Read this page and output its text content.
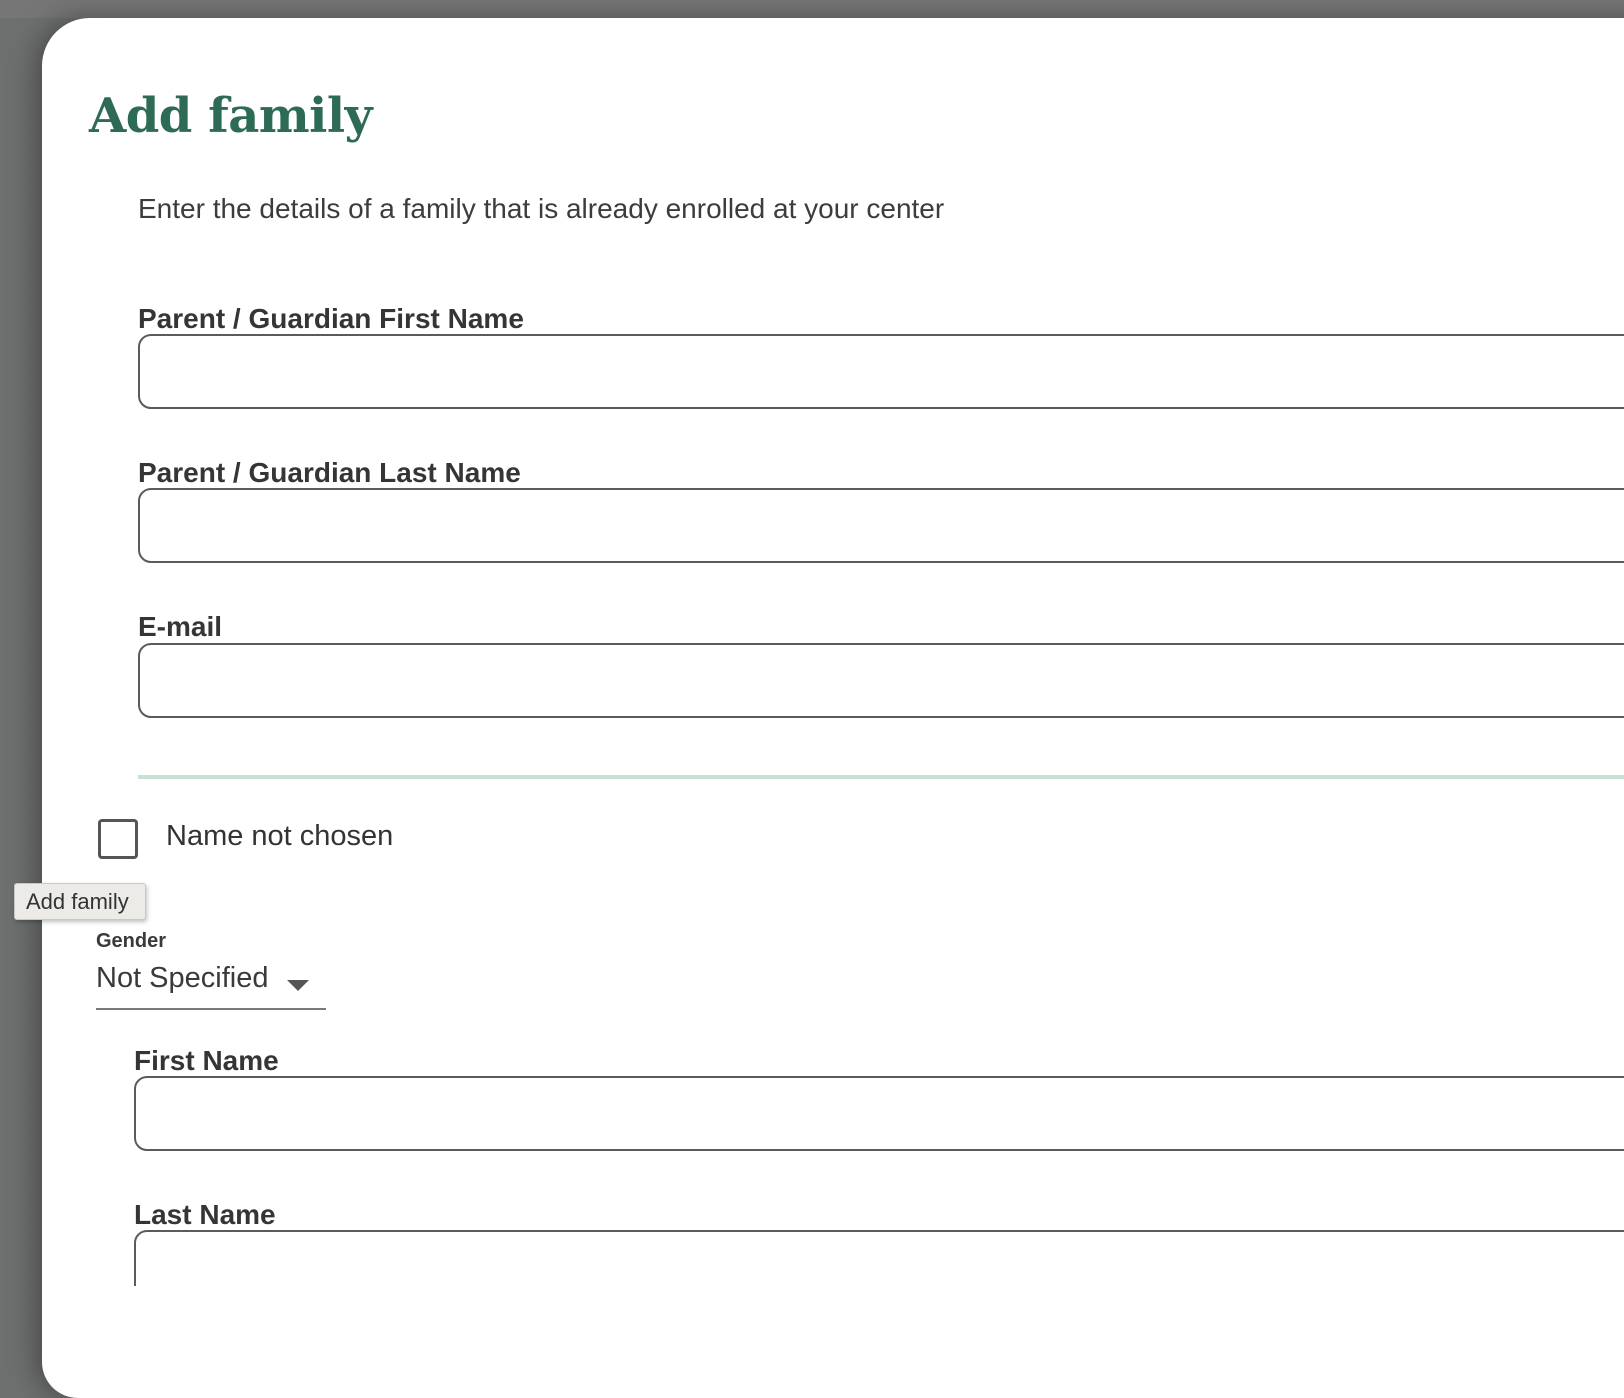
Add family

Enter the details of a family that is already enrolled at your center

Parent / Guardian First Name
Parent / Guardian Last Name
E-mail
Name not chosen
Add family
Gender
Not Specified
First Name
Last Name
